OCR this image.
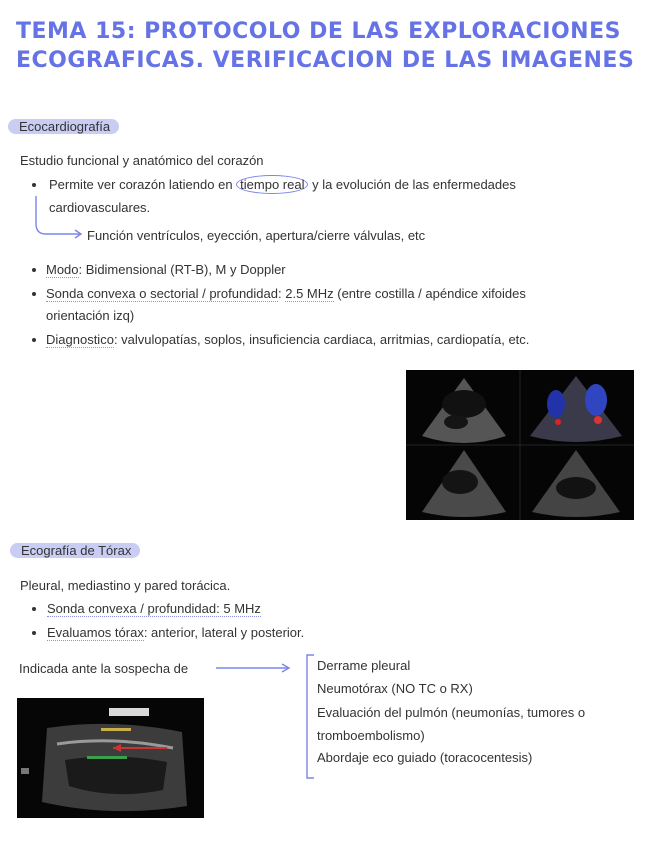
TEMA 15: PROTOCOLO DE LAS EXPLORACIONES
ECOGRAFICAS. VERIFICACION DE LAS IMAGENES
Ecocardiografía

Estudio funcional y anatómico del corazón

Permite ver corazón latiendo en tiempo real y la evolución de las enfermedades

cardiovasculares.

Función ventrículos, eyección, apertura/cierre válvulas, etc

Modo: Bidimensional (RT-B), M y Doppler

Sonda convexa o sectorial / profundidad: 2.5 MHz (entre costilla / apéndice xifoides

orientación izq)

Diagnostico: valvulopatías, soplos, insuficiencia cardiaca, arritmias, cardiopatía, etc.

Ecografía de Tórax

Pleural, mediastino y pared torácica.

Sonda convexa / profundidad: 5 MHz

Evaluamos tórax: anterior, lateral y posterior.

Indicada ante la sospecha de	Derrame pleural

Neumotórax (NO TC o RX)

Evaluación del pulmón (neumonías, tumores o

tromboembolismo)

Abordaje eco guiado (toracocentesis)
